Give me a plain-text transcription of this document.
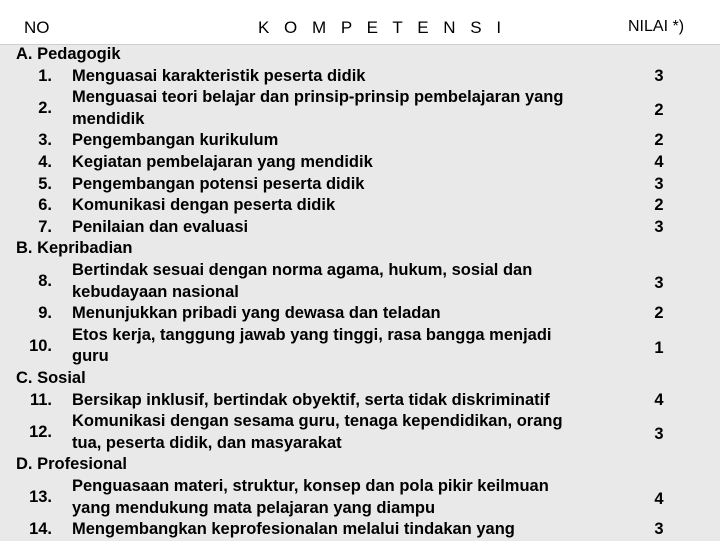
NO	K O M P E T E N S I	NILAI *)
A. Pedagogik
1. Menguasai karakteristik peserta didik	3
2.
Menguasai teori belajar dan prinsip-prinsip pembelajaran yang
mendidik	2
3. Pengembangan kurikulum	2
4. Kegiatan pembelajaran yang mendidik	4
5. Pengembangan potensi peserta didik	3
6. Komunikasi dengan peserta didik	2
7. Penilaian dan evaluasi	3
B. Kepribadian
8.
Bertindak sesuai dengan norma agama, hukum, sosial dan
kebudayaan nasional	3
9. Menunjukkan pribadi yang dewasa dan teladan	2
10.
Etos kerja, tanggung jawab yang tinggi, rasa bangga menjadi
guru	1
C. Sosial
11. Bersikap inklusif, bertindak obyektif, serta tidak diskriminatif	4
12.
Komunikasi dengan sesama guru, tenaga kependidikan, orang
tua, peserta didik, dan masyarakat	3
D. Profesional
13.
Penguasaan materi, struktur, konsep dan pola pikir keilmuan
yang mendukung mata pelajaran yang diampu	4
14. Mengembangkan keprofesionalan melalui tindakan yang	3
